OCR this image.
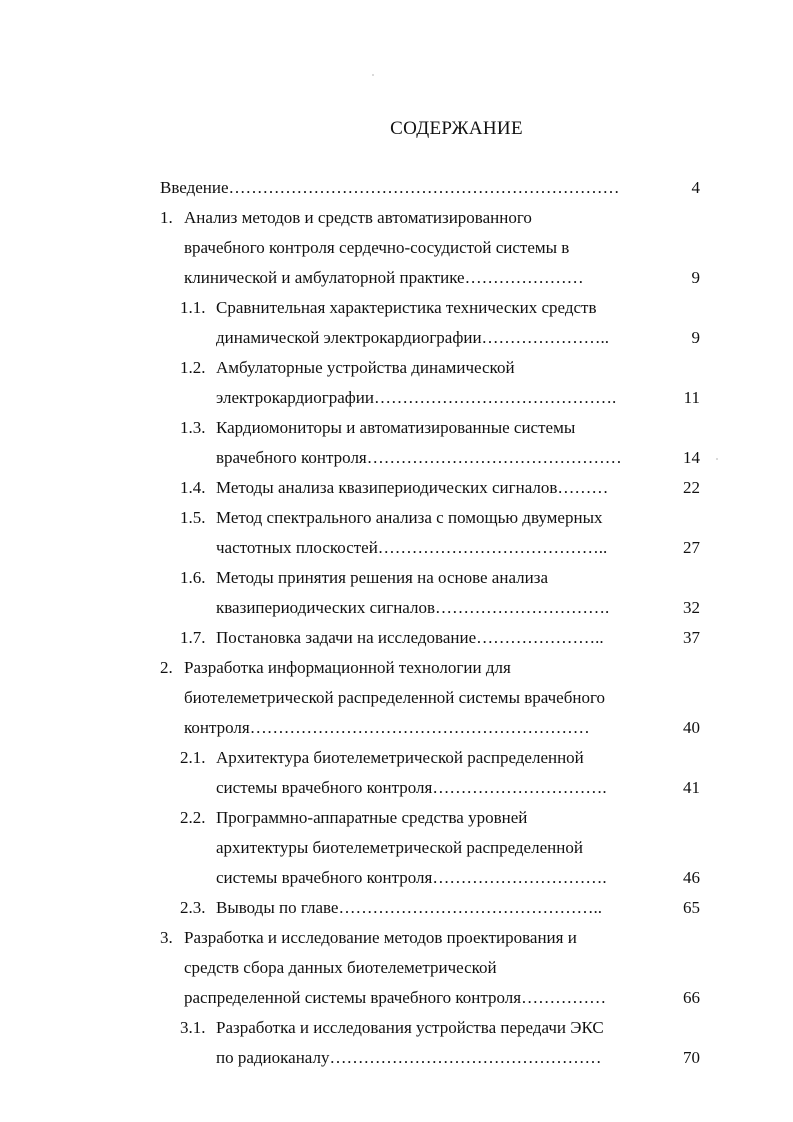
СОДЕРЖАНИЕ
Введение……………………………………………………………	4
1. Анализ методов и средств автоматизированного
врачебного контроля сердечно-сосудистой системы в
клинической и амбулаторной практике…………………	9
1.1. Сравнительная характеристика технических средств
динамической электрокардиографии…………………..	9
1.2. Амбулаторные устройства динамической
электрокардиографии…………………………………….	11
1.3. Кардиомониторы и автоматизированные системы
врачебного контроля………………………………………	14
1.4. Методы анализа квазипериодических сигналов………	22
1.5. Метод спектрального анализа с помощью двумерных
частотных плоскостей…………………………………..	27
1.6. Методы принятия решения на основе анализа
квазипериодических сигналов………………………….	32
1.7. Постановка задачи на исследование…………………..	37
2. Разработка информационной технологии для
биотелеметрической распределенной системы врачебного
контроля……………………………………………………	40
2.1. Архитектура биотелеметрической распределенной
системы врачебного контроля………………………….	41
2.2. Программно-аппаратные средства уровней
архитектуры биотелеметрической распределенной
системы врачебного контроля………………………….	46
2.3. Выводы по главе………………………………………..	65
3. Разработка и исследование методов проектирования и
средств сбора данных биотелеметрической
распределенной системы врачебного контроля……………	66
3.1. Разработка и исследования устройства передачи ЭКС
по радиоканалу…………………………………………	70
